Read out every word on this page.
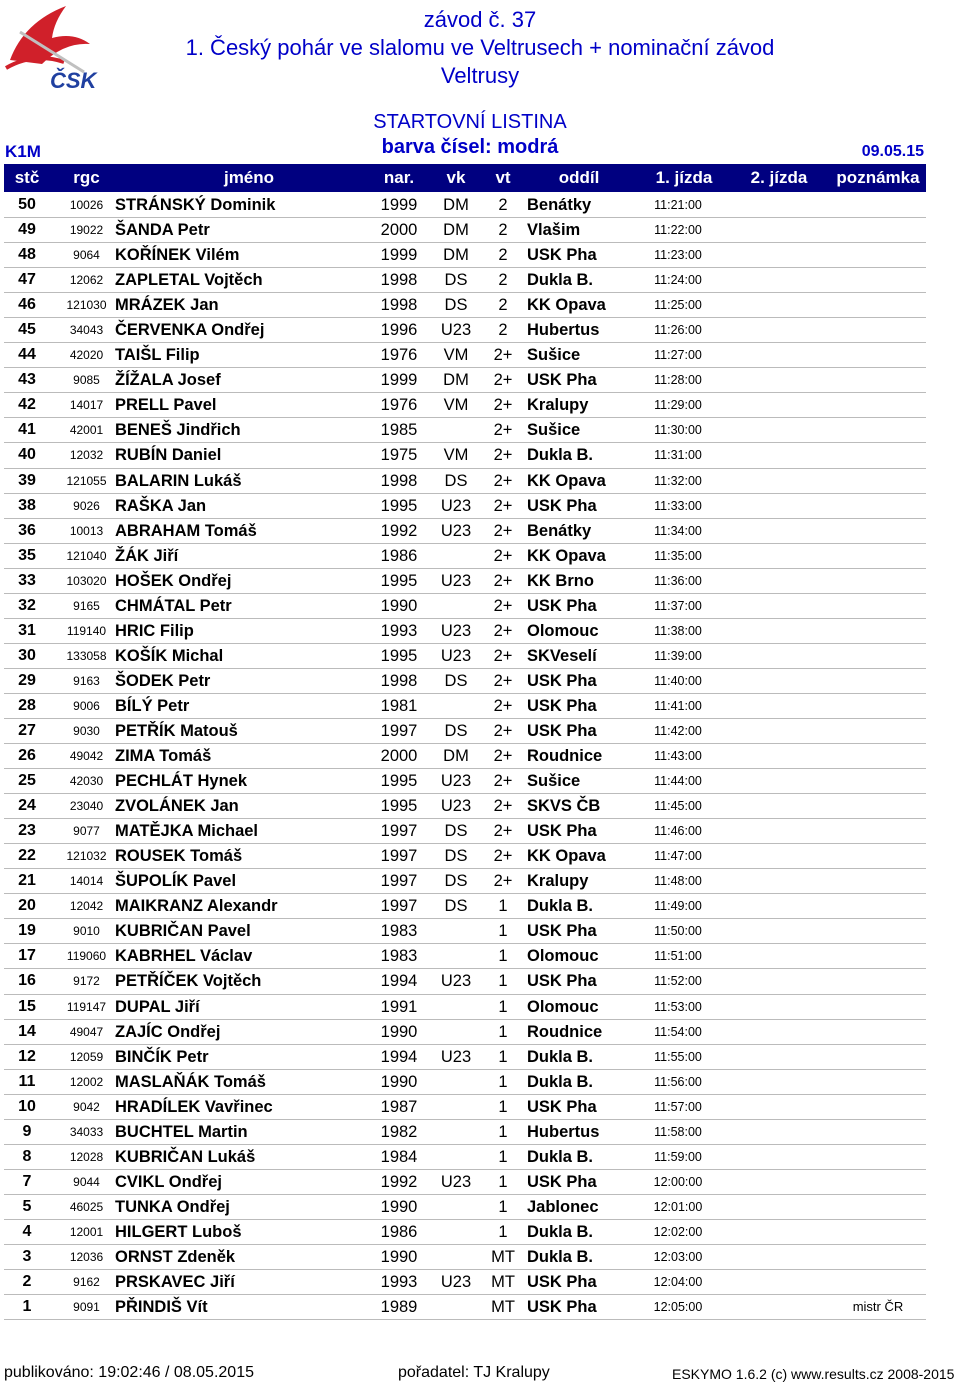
ČSK
závod č. 37
1. Český pohár ve slalomu ve Veltrusech + nominační závod
Veltrusy
STARTOVNÍ LISTINA
barva čísel: modrá
K1M	09.05.15
stč	rgc	jméno	nar.	vk	vt	oddíl	1. jízda	2. jízda	poznámka
50	10026 STRÁNSKÝ Dominik	1999	DM	2	Benátky	11:21:00
49	19022 ŠANDA Petr	2000	DM	2	Vlašim	11:22:00
48	9064 KOŘÍNEK Vilém	1999	DM	2	USK Pha	11:23:00
47	12062 ZAPLETAL Vojtěch	1998	DS	2	Dukla B.	11:24:00
46	121030 MRÁZEK Jan	1998	DS	2	KK Opava	11:25:00
45	34043 ČERVENKA Ondřej	1996	U23	2	Hubertus	11:26:00
44	42020 TAIŠL Filip	1976	VM	2+ Sušice	11:27:00
43	9085 ŽÍŽALA Josef	1999	DM	2+ USK Pha	11:28:00
42	14017 PRELL Pavel	1976	VM	2+ Kralupy	11:29:00
41	42001 BENEŠ Jindřich	1985	2+ Sušice	11:30:00
40	12032 RUBÍN Daniel	1975	VM	2+ Dukla B.	11:31:00
39	121055 BALARIN Lukáš	1998	DS	2+ KK Opava	11:32:00
38	9026 RAŠKA Jan	1995	U23	2+ USK Pha	11:33:00
36	10013 ABRAHAM Tomáš	1992	U23	2+ Benátky	11:34:00
35	121040 ŽÁK Jiří	1986	2+ KK Opava	11:35:00
33	103020 HOŠEK Ondřej	1995	U23	2+ KK Brno	11:36:00
32	9165 CHMÁTAL Petr	1990	2+ USK Pha	11:37:00
31	119140 HRIC Filip	1993	U23	2+ Olomouc	11:38:00
30	133058 KOŠÍK Michal	1995	U23	2+ SKVeselí	11:39:00
29	9163 ŠODEK Petr	1998	DS	2+ USK Pha	11:40:00
28	9006 BÍLÝ Petr	1981	2+ USK Pha	11:41:00
27	9030 PETŘÍK Matouš	1997	DS	2+ USK Pha	11:42:00
26	49042 ZIMA Tomáš	2000	DM	2+ Roudnice	11:43:00
25	42030 PECHLÁT Hynek	1995	U23	2+ Sušice	11:44:00
24	23040 ZVOLÁNEK Jan	1995	U23	2+ SKVS ČB	11:45:00
23	9077 MATĚJKA Michael	1997	DS	2+ USK Pha	11:46:00
22	121032 ROUSEK Tomáš	1997	DS	2+ KK Opava	11:47:00
21	14014 ŠUPOLÍK Pavel	1997	DS	2+ Kralupy	11:48:00
20	12042 MAIKRANZ Alexandr	1997	DS	1	Dukla B.	11:49:00
19	9010 KUBRIČAN Pavel	1983	1	USK Pha	11:50:00
17	119060 KABRHEL Václav	1983	1	Olomouc	11:51:00
16	9172 PETŘÍČEK Vojtěch	1994	U23	1	USK Pha	11:52:00
15	119147 DUPAL Jiří	1991	1	Olomouc	11:53:00
14	49047 ZAJÍC Ondřej	1990	1	Roudnice	11:54:00
12	12059 BINČÍK Petr	1994	U23	1	Dukla B.	11:55:00
11	12002 MASLAŇÁK Tomáš	1990	1	Dukla B.	11:56:00
10	9042 HRADÍLEK Vavřinec	1987	1	USK Pha	11:57:00
9	34033 BUCHTEL Martin	1982	1	Hubertus	11:58:00
8	12028 KUBRIČAN Lukáš	1984	1	Dukla B.	11:59:00
7	9044 CVIKL Ondřej	1992	U23	1	USK Pha	12:00:00
5	46025 TUNKA Ondřej	1990	1	Jablonec	12:01:00
4	12001 HILGERT Luboš	1986	1	Dukla B.	12:02:00
3	12036 ORNST Zdeněk	1990	MT Dukla B.	12:03:00
2	9162 PRSKAVEC Jiří	1993	U23	MT USK Pha	12:04:00
1	9091 PŘINDIŠ Vít	1989	MT USK Pha	12:05:00	mistr ČR
publikováno: 19:02:46 / 08.05.2015	pořadatel: TJ Kralupy	ESKYMO 1.6.2 (c) www.results.cz 2008-2015
